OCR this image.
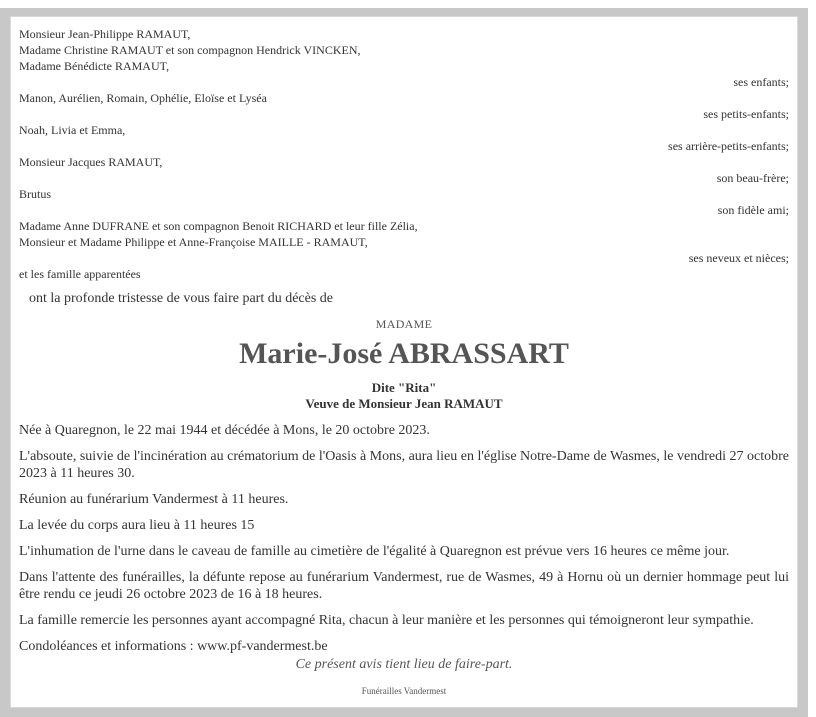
Monsieur Jean-Philippe RAMAUT,
Madame Christine RAMAUT et son compagnon Hendrick VINCKEN,
Madame Bénédicte RAMAUT,
ses enfants;
Manon, Aurélien, Romain, Ophélie, Eloïse et Lyséa
ses petits-enfants;
Noah, Livia et Emma,
ses arrière-petits-enfants;
Monsieur Jacques RAMAUT,
son beau-frère;
Brutus
son fidèle ami;
Madame Anne DUFRANE et son compagnon Benoit RICHARD et leur fille Zélia,
Monsieur et Madame Philippe et Anne-Françoise MAILLE - RAMAUT,
ses neveux et nièces;
et les famille apparentées
ont la profonde tristesse de vous faire part du décès de
MADAME
Marie-José ABRASSART
Dite "Rita"
Veuve de Monsieur Jean RAMAUT

Née à Quaregnon, le 22 mai 1944 et décédée à Mons, le 20 octobre 2023.

L'absoute, suivie de l'incinération au crématorium de l'Oasis à Mons, aura lieu en l'église Notre-Dame de Wasmes, le vendredi 27 octobre 2023 à 11 heures 30.

Réunion au funérarium Vandermest à 11 heures.

La levée du corps aura lieu à 11 heures 15

L'inhumation de l'urne dans le caveau de famille au cimetière de l'égalité à Quaregnon est prévue vers 16 heures ce même jour.

Dans l'attente des funérailles, la défunte repose au funérarium Vandermest, rue de Wasmes, 49 à Hornu où un dernier hommage peut lui être rendu ce jeudi 26 octobre 2023 de 16 à 18 heures.

La famille remercie les personnes ayant accompagné Rita, chacun à leur manière et les personnes qui témoigneront leur sympathie.

Condoléances et informations : www.pf-vandermest.be

Ce présent avis tient lieu de faire-part.
Funérailles Vandermest
